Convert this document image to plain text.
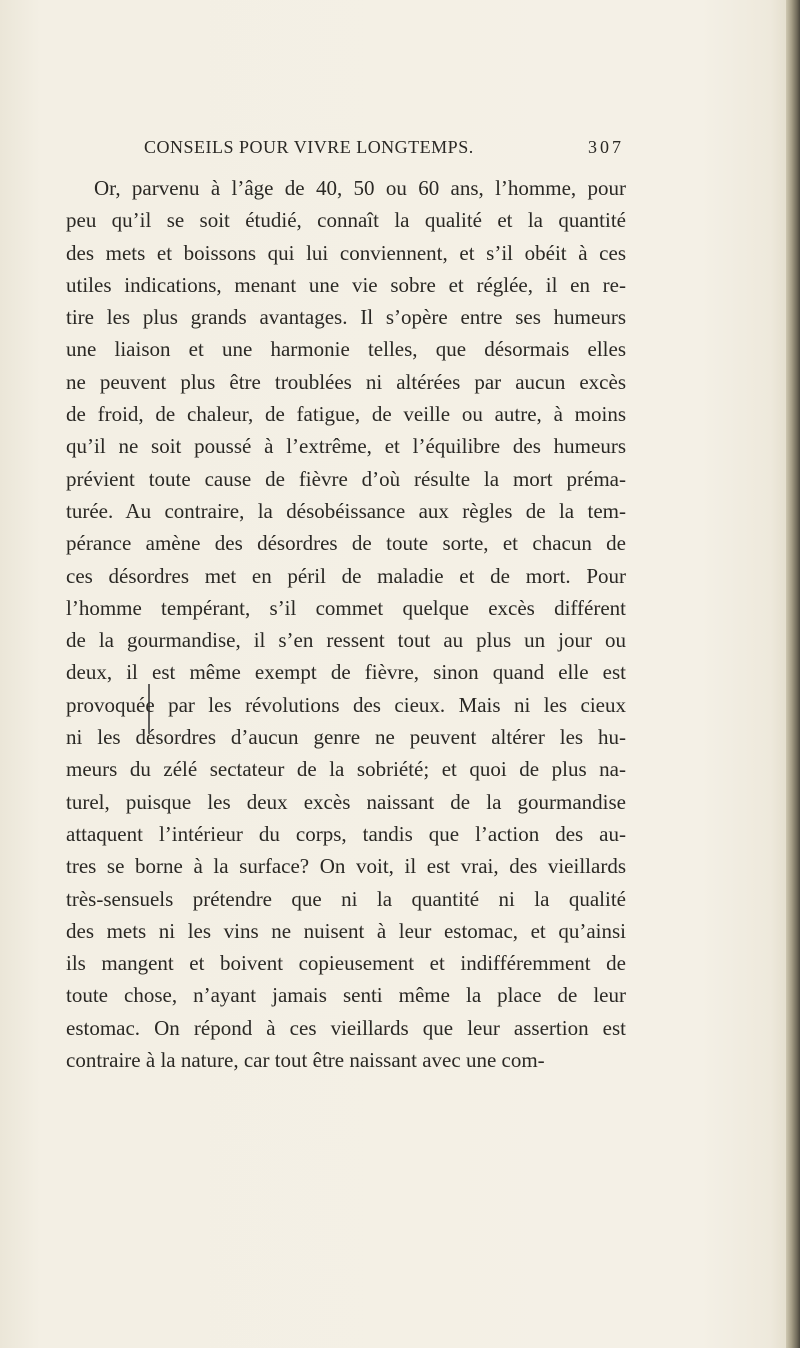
CONSEILS POUR VIVRE LONGTEMPS.	307
Or, parvenu à l’âge de 40, 50 ou 60 ans, l’homme, pour
peu qu’il se soit étudié, connaît la qualité et la quantité
des mets et boissons qui lui conviennent, et s’il obéit à ces
utiles indications, menant une vie sobre et réglée, il en re-
tire les plus grands avantages. Il s’opère entre ses humeurs
une liaison et une harmonie telles, que désormais elles
ne peuvent plus être troublées ni altérées par aucun excès
de froid, de chaleur, de fatigue, de veille ou autre, à moins
qu’il ne soit poussé à l’extrême, et l’équilibre des humeurs
prévient toute cause de fièvre d’où résulte la mort préma-
turée. Au contraire, la désobéissance aux règles de la tem-
pérance amène des désordres de toute sorte, et chacun de
ces désordres met en péril de maladie et de mort. Pour
l’homme tempérant, s’il commet quelque excès différent
de la gourmandise, il s’en ressent tout au plus un jour ou
deux, il est même exempt de fièvre, sinon quand elle est
provoquée par les révolutions des cieux. Mais ni les cieux
ni les désordres d’aucun genre ne peuvent altérer les hu-
meurs du zélé sectateur de la sobriété; et quoi de plus na-
turel, puisque les deux excès naissant de la gourmandise
attaquent l’intérieur du corps, tandis que l’action des au-
tres se borne à la surface? On voit, il est vrai, des vieillards
très-sensuels prétendre que ni la quantité ni la qualité
des mets ni les vins ne nuisent à leur estomac, et qu’ainsi
ils mangent et boivent copieusement et indifféremment de
toute chose, n’ayant jamais senti même la place de leur
estomac. On répond à ces vieillards que leur assertion est
contraire à la nature, car tout être naissant avec une com-
